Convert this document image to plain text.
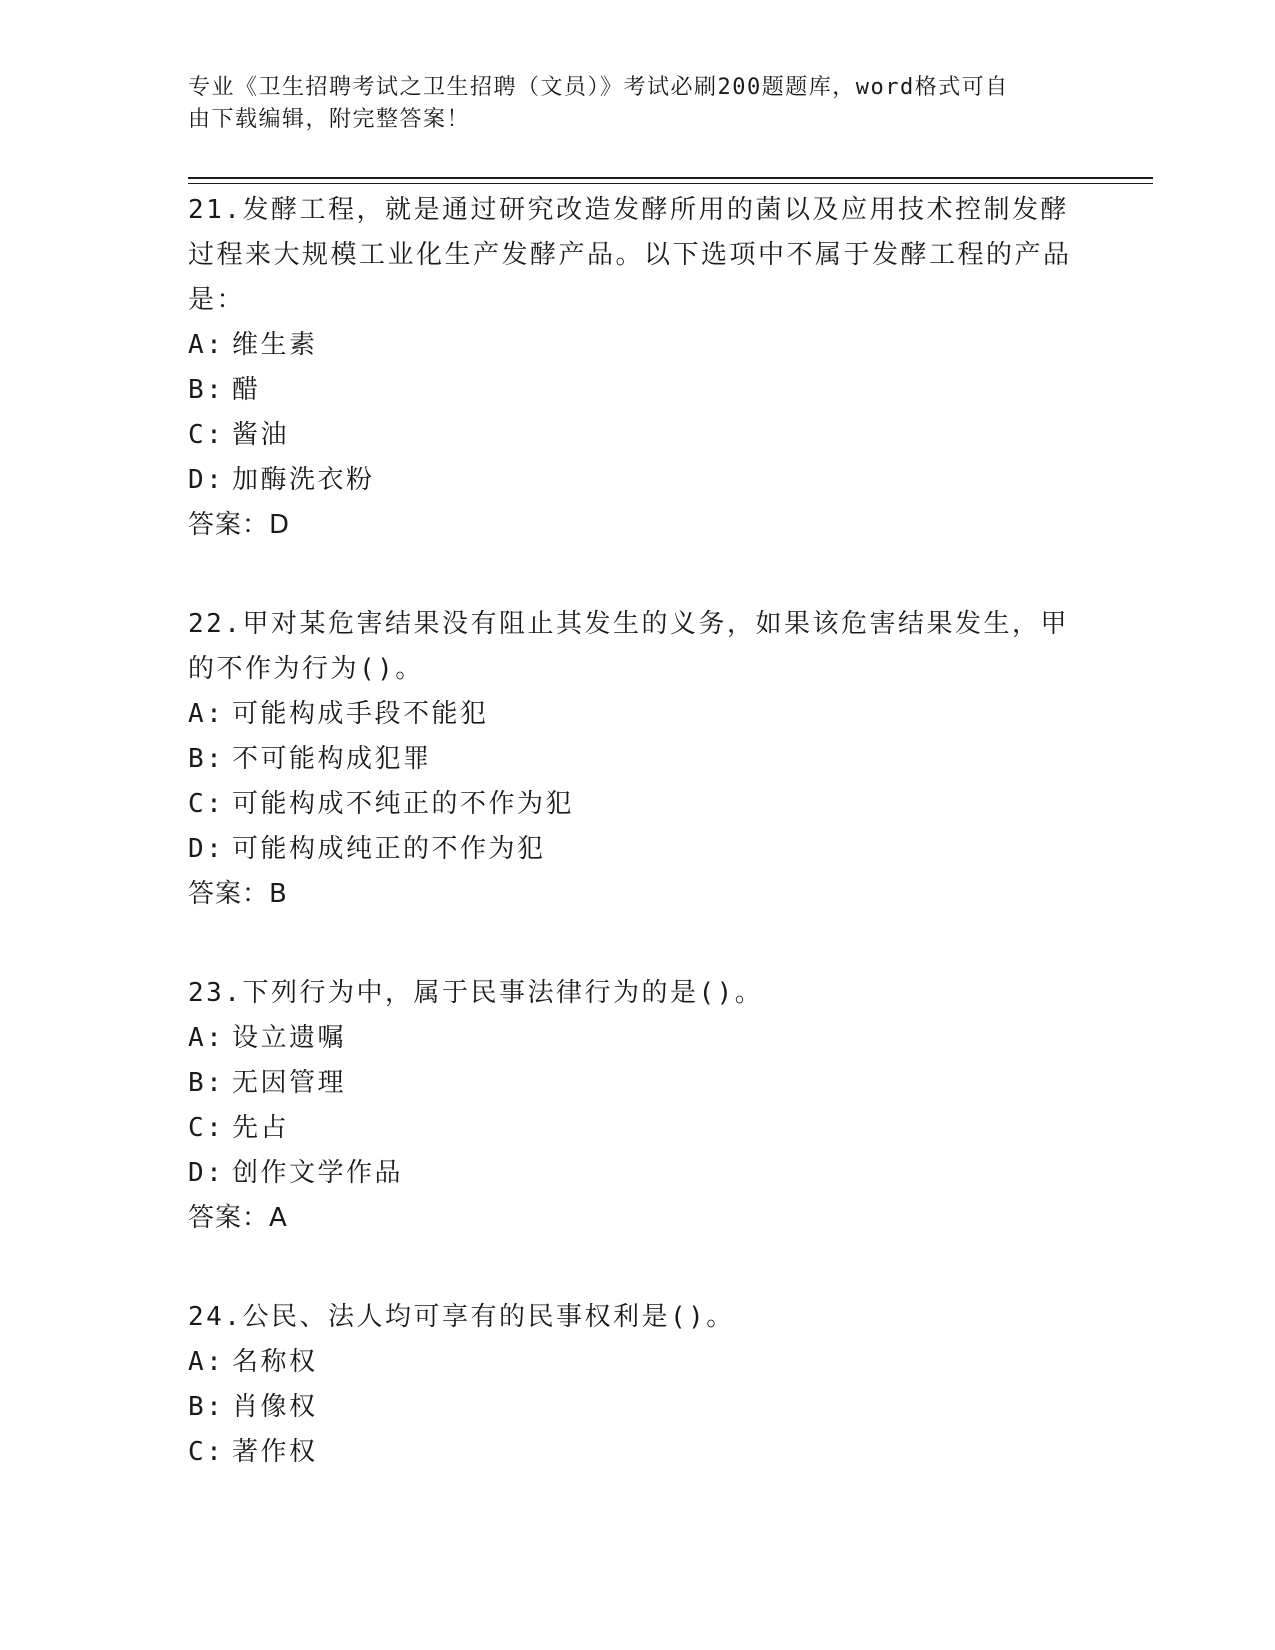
专业《卫生招聘考试之卫生招聘（文员）》考试必刷200题题库，word格式可自
由下载编辑，附完整答案！
21.发酵工程，就是通过研究改造发酵所用的菌以及应用技术控制发酵过程来大规模工业化生产发酵产品。以下选项中不属于发酵工程的产品是：
A: 维生素
B: 醋
C: 酱油
D: 加酶洗衣粉
答案：D
22.甲对某危害结果没有阻止其发生的义务，如果该危害结果发生，甲的不作为行为()。
A: 可能构成手段不能犯
B: 不可能构成犯罪
C: 可能构成不纯正的不作为犯
D: 可能构成纯正的不作为犯
答案：B
23.下列行为中，属于民事法律行为的是()。
A: 设立遗嘱
B: 无因管理
C: 先占
D: 创作文学作品
答案：A
24.公民、法人均可享有的民事权利是()。
A: 名称权
B: 肖像权
C: 著作权
